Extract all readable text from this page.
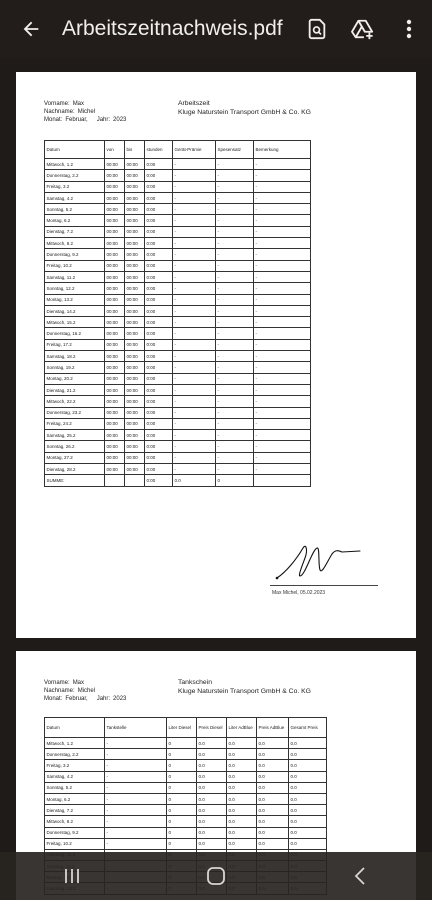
Arbeitszeitnachweis.pdf
Vorname: Max
Nachname: Michel
Monat: Februar, Jahr: 2023
Arbeitszeit
Kluge Naturstein Transport GmbH & Co. KG
Datum	von	bis	stunden	Gerät-Prämie	Spesensatz	Bemerkung
Mittwoch, 1.2	00:00	00:00	0:00	-	-	-
Donnerstag, 2.2	00:00	00:00	0:00	-	-	-
Freitag, 3.2	00:00	00:00	0:00	-	-	-
Samstag, 4.2	00:00	00:00	0:00	-	-	-
Sonntag, 5.2	00:00	00:00	0:00	-	-	-
Montag, 6.2	00:00	00:00	0:00	-	-	-
Dienstag, 7.2	00:00	00:00	0:00	-	-	-
Mittwoch, 8.2	00:00	00:00	0:00	-	-	-
Donnerstag, 9.2	00:00	00:00	0:00	-	-	-
Freitag, 10.2	00:00	00:00	0:00	-	-	-
Samstag, 11.2	00:00	00:00	0:00	-	-	-
Sonntag, 12.2	00:00	00:00	0:00	-	-	-
Montag, 13.2	00:00	00:00	0:00	-	-	-
Dienstag, 14.2	00:00	00:00	0:00	-	-	-
Mittwoch, 15.2	00:00	00:00	0:00	-	-	-
Donnerstag, 16.2	00:00	00:00	0:00	-	-	-
Freitag, 17.2	00:00	00:00	0:00	-	-	-
Samstag, 18.2	00:00	00:00	0:00	-	-	-
Sonntag, 19.2	00:00	00:00	0:00	-	-	-
Montag, 20.2	00:00	00:00	0:00	-	-	-
Dienstag, 21.2	00:00	00:00	0:00	-	-	-
Mittwoch, 22.2	00:00	00:00	0:00	-	-	-
Donnerstag, 23.2	00:00	00:00	0:00	-	-	-
Freitag, 24.2	00:00	00:00	0:00	-	-	-
Samstag, 25.2	00:00	00:00	0:00	-	-	-
Sonntag, 26.2	00:00	00:00	0:00	-	-	-
Montag, 27.2	00:00	00:00	0:00	-	-	-
Dienstag, 28.2	00:00	00:00	0:00	-	-	-
SUMME:			0:00	0.0	0	
Max Michel, 05.02.2023
Vorname: Max
Nachname: Michel
Monat: Februar, Jahr: 2023
Tankschein
Kluge Naturstein Transport GmbH & Co. KG
Datum	Tankstelle	Liter Diesel	Preis Diesel	Liter AdBlue	Preis AdBlue	Gesamt Preis
Mittwoch, 1.2	-	0	0.0	0.0	0.0	0.0
Donnerstag, 2.2	-	0	0.0	0.0	0.0	0.0
Freitag, 3.2	-	0	0.0	0.0	0.0	0.0
Samstag, 4.2	-	0	0.0	0.0	0.0	0.0
Sonntag, 5.2	-	0	0.0	0.0	0.0	0.0
Montag, 6.2	-	0	0.0	0.0	0.0	0.0
Dienstag, 7.2	-	0	0.0	0.0	0.0	0.0
Mittwoch, 8.2	-	0	0.0	0.0	0.0	0.0
Donnerstag, 9.2	-	0	0.0	0.0	0.0	0.0
Freitag, 10.2	-	0	0.0	0.0	0.0	0.0
